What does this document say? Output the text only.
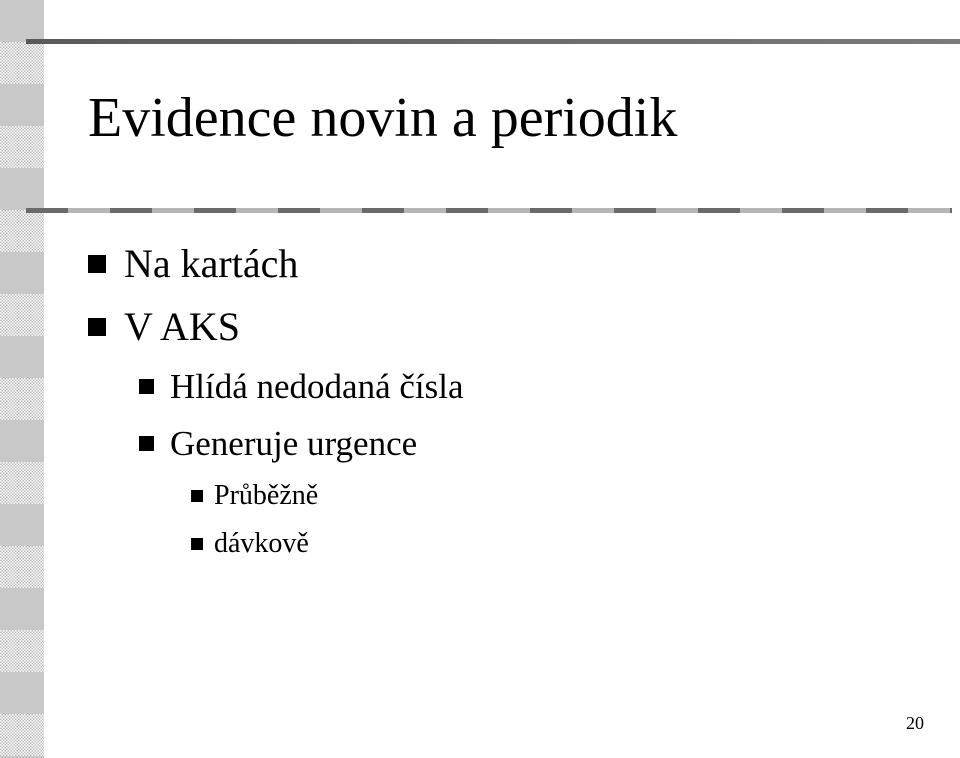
Evidence novin a periodik
Na kartách
V AKS
Hlídá nedodaná čísla
Generuje urgence
Průběžně
dávkově
20
